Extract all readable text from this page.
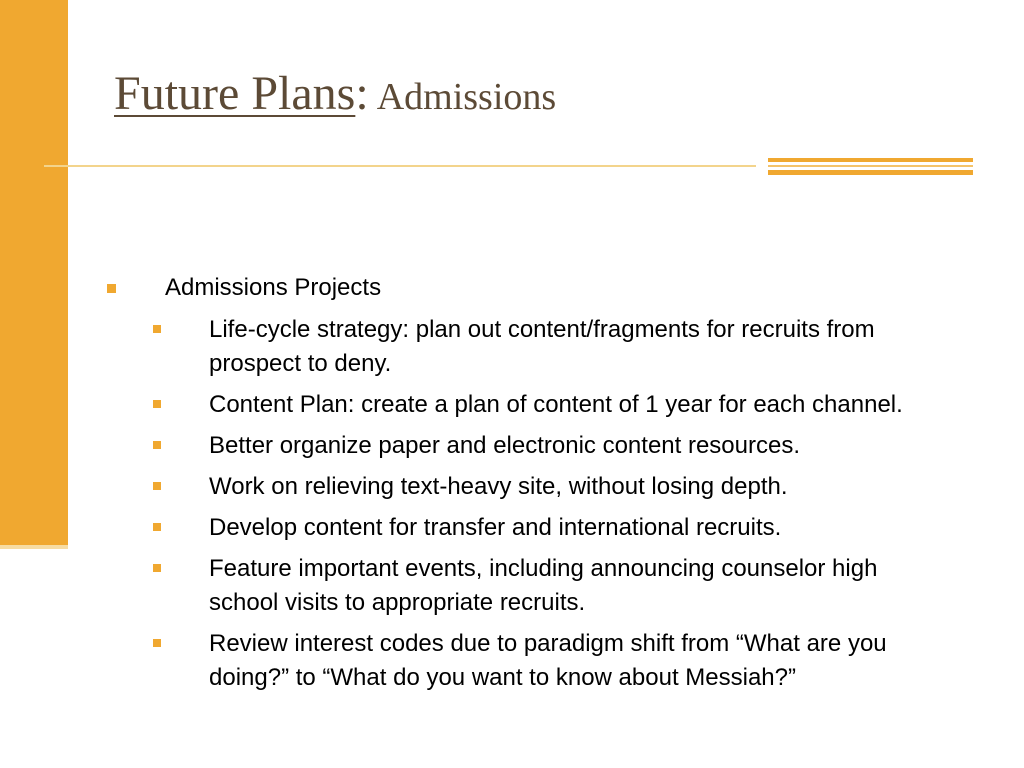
Future Plans: Admissions
Admissions Projects
Life-cycle strategy: plan out content/fragments for recruits from prospect to deny.
Content Plan: create a plan of content of 1 year for each channel.
Better organize paper and electronic content resources.
Work on relieving text-heavy site, without losing depth.
Develop content for transfer and international recruits.
Feature important events, including announcing counselor high school visits to appropriate recruits.
Review interest codes due to paradigm shift from “What are you doing?” to “What do you want to know about Messiah?”
